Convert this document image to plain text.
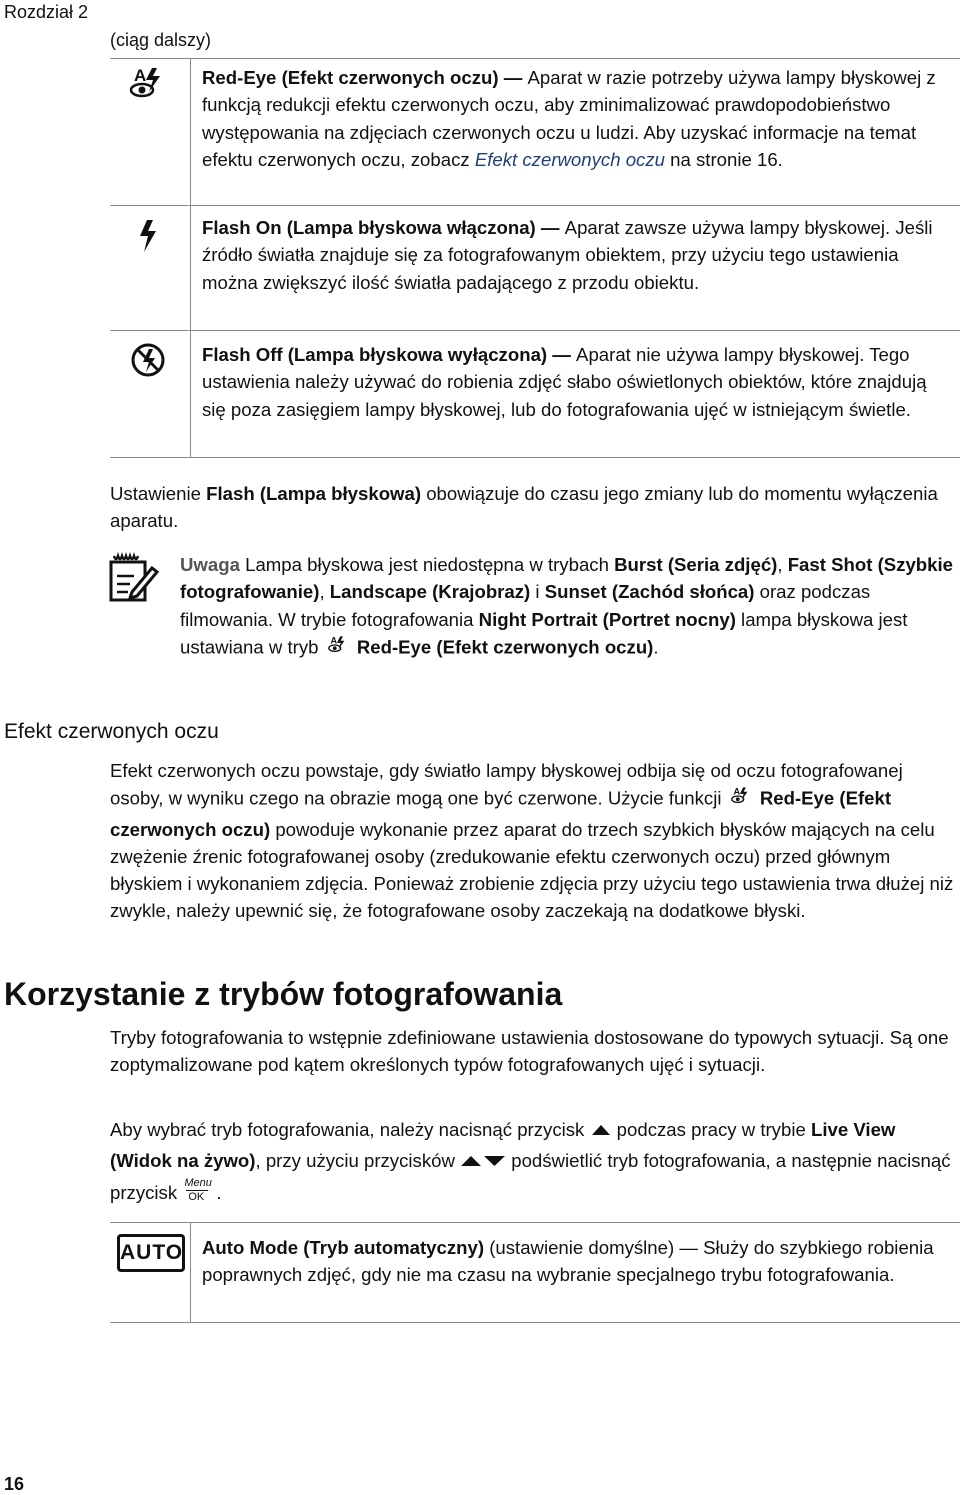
Rozdział 2
(ciąg dalszy)
A	Red-Eye (Efekt czerwonych oczu) — Aparat w razie potrzeby używa lampy błyskowej z funkcją redukcji efektu czerwonych oczu, aby zminimalizować prawdopodobieństwo występowania na zdjęciach czerwonych oczu u ludzi. Aby uzyskać informacje na temat efektu czerwonych oczu, zobacz Efekt czerwonych oczu na stronie 16.
Flash On (Lampa błyskowa włączona) — Aparat zawsze używa lampy błyskowej. Jeśli źródło światła znajduje się za fotografowanym obiektem, przy użyciu tego ustawienia można zwiększyć ilość światła padającego z przodu obiektu.
Flash Off (Lampa błyskowa wyłączona) — Aparat nie używa lampy błyskowej. Tego ustawienia należy używać do robienia zdjęć słabo oświetlonych obiektów, które znajdują się poza zasięgiem lampy błyskowej, lub do fotografowania ujęć w istniejącym świetle.
Ustawienie Flash (Lampa błyskowa) obowiązuje do czasu jego zmiany lub do momentu wyłączenia aparatu.
Uwaga Lampa błyskowa jest niedostępna w trybach Burst (Seria zdjęć), Fast Shot (Szybkie fotografowanie), Landscape (Krajobraz) i Sunset (Zachód słońca) oraz podczas filmowania. W trybie fotografowania Night Portrait (Portret nocny) lampa błyskowa jest ustawiana w tryb A Red-Eye (Efekt czerwonych oczu).
Efekt czerwonych oczu
Efekt czerwonych oczu powstaje, gdy światło lampy błyskowej odbija się od oczu fotografowanej osoby, w wyniku czego na obrazie mogą one być czerwone. Użycie funkcji A Red-Eye (Efekt czerwonych oczu) powoduje wykonanie przez aparat do trzech szybkich błysków mających na celu zwężenie źrenic fotografowanej osoby (zredukowanie efektu czerwonych oczu) przed głównym błyskiem i wykonaniem zdjęcia. Ponieważ zrobienie zdjęcia przy użyciu tego ustawienia trwa dłużej niż zwykle, należy upewnić się, że fotografowane osoby zaczekają na dodatkowe błyski.
Korzystanie z trybów fotografowania
Tryby fotografowania to wstępnie zdefiniowane ustawienia dostosowane do typowych sytuacji. Są one zoptymalizowane pod kątem określonych typów fotografowanych ujęć i sytuacji.
Aby wybrać tryb fotografowania, należy nacisnąć przycisk  podczas pracy w trybie Live View (Widok na żywo), przy użyciu przycisków  podświetlić tryb fotografowania, a następnie nacisnąć przycisk Menu
OK .
AUTO Auto Mode (Tryb automatyczny) (ustawienie domyślne) — Służy do szybkiego robienia poprawnych zdjęć, gdy nie ma czasu na wybranie specjalnego trybu fotografowania.
16
